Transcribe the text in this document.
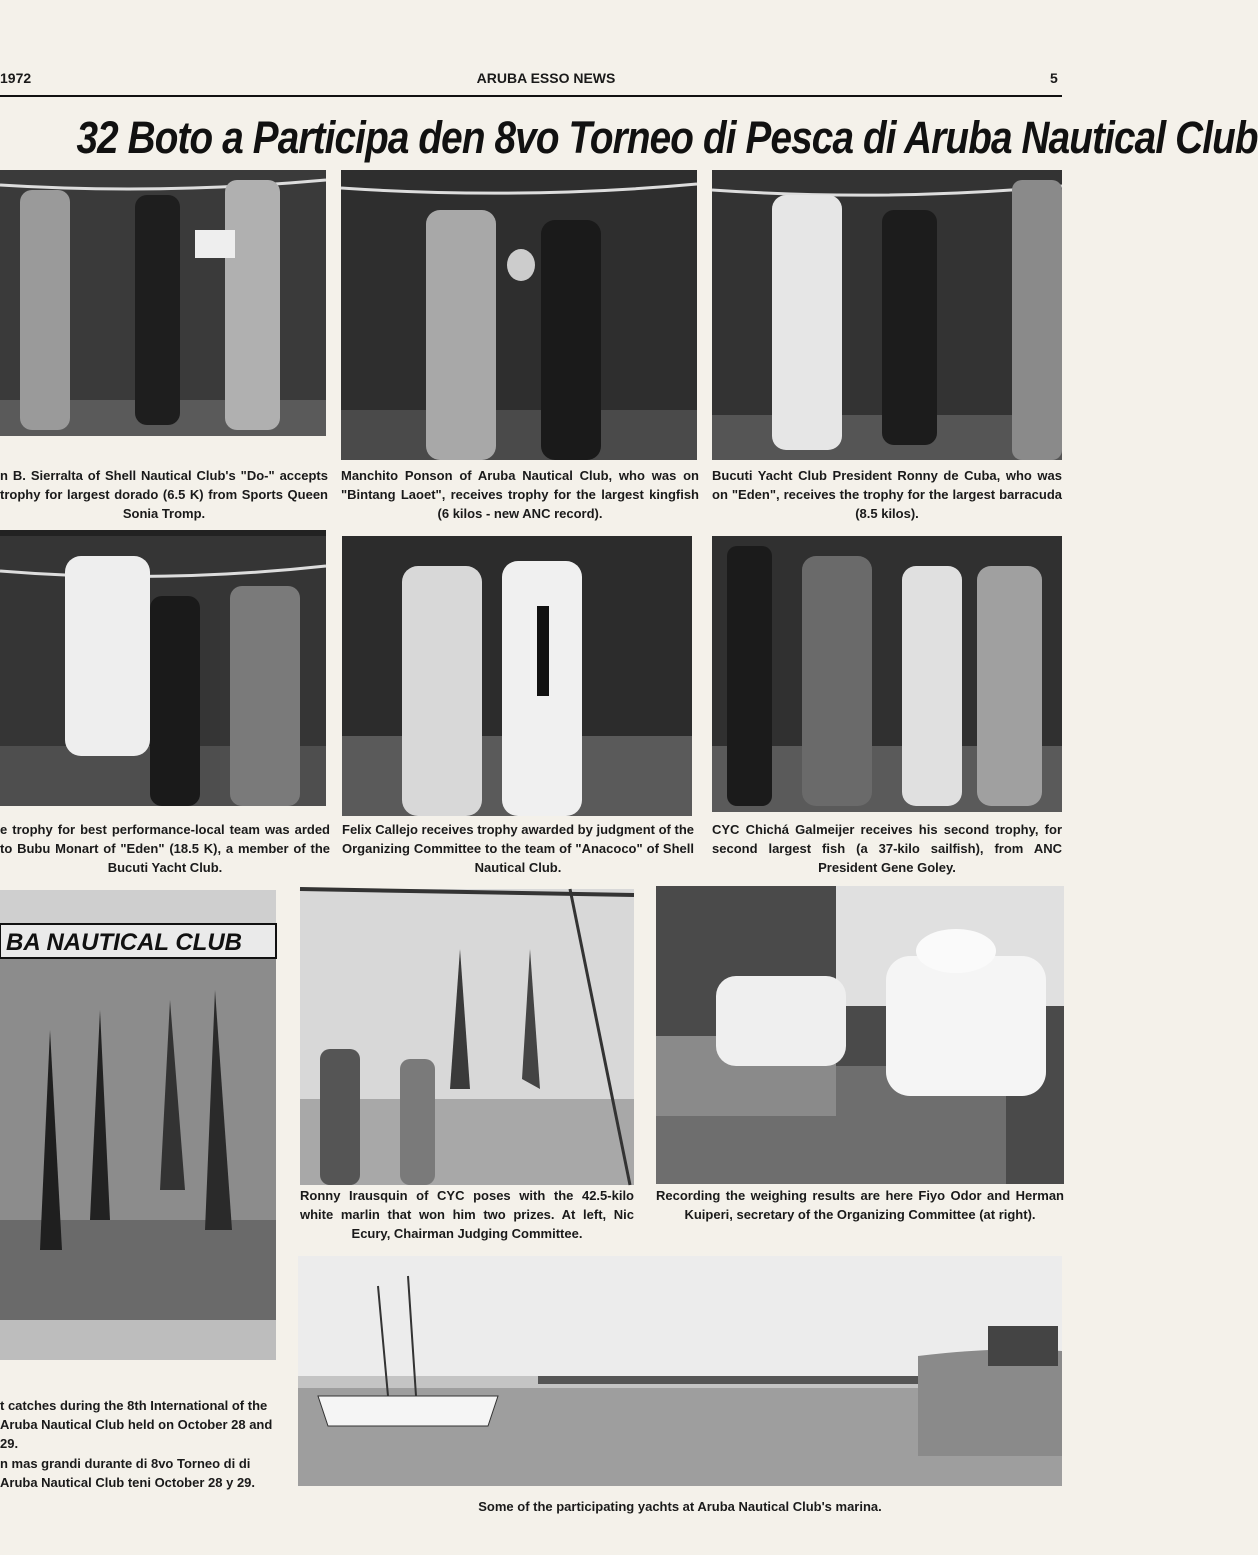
1972	ARUBA ESSO NEWS	5
32 Boto a Participa den 8vo Torneo di Pesca di Aruba Nautical Club
n B. Sierralta of Shell Nautical Club's "Do-" accepts trophy for largest dorado (6.5 K) from Sports Queen Sonia Tromp.
Manchito Ponson of Aruba Nautical Club, who was on "Bintang Laoet", receives trophy for the largest kingfish (6 kilos - new ANC record).
Bucuti Yacht Club President Ronny de Cuba, who was on "Eden", receives the trophy for the largest barracuda (8.5 kilos).
e trophy for best performance-local team was arded to Bubu Monart of "Eden" (18.5 K), a member of the Bucuti Yacht Club.
Felix Callejo receives trophy awarded by judgment of the Organizing Committee to the team of "Anacoco" of Shell Nautical Club.
CYC Chichá Galmeijer receives his second trophy, for second largest fish (a 37-kilo sailfish), from ANC President Gene Goley.
BA NAUTICAL CLUB
Ronny Irausquin of CYC poses with the 42.5-kilo white marlin that won him two prizes. At left, Nic Ecury, Chairman Judging Committee.
Recording the weighing results are here Fiyo Odor and Herman Kuiperi, secretary of the Organizing Committee (at right).
t catches during the 8th International of the Aruba Nautical Club held on October 28 and 29.
n mas grandi durante di 8vo Torneo di di Aruba Nautical Club teni October 28 y 29.
Some of the participating yachts at Aruba Nautical Club's marina.
